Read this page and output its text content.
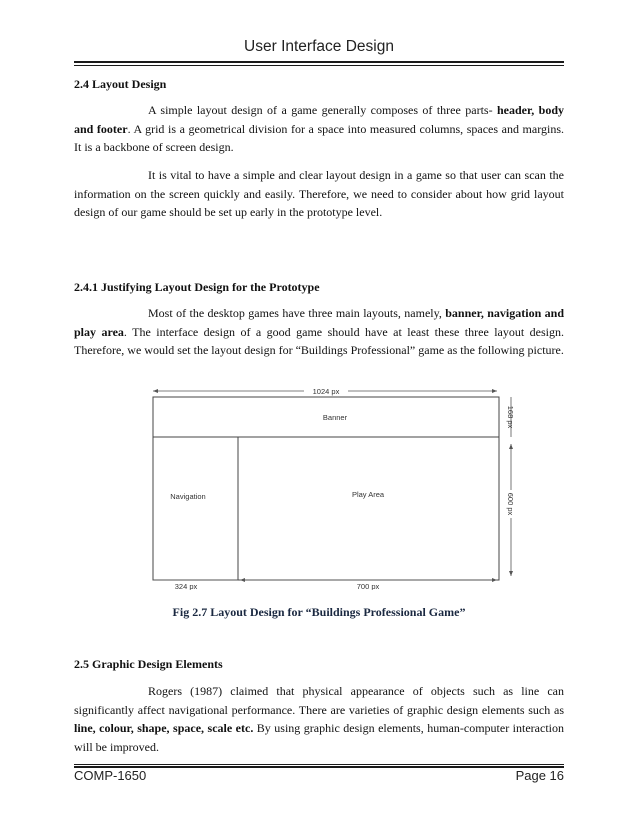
User Interface Design
2.4 Layout Design

A simple layout design of a game generally composes of three parts- header, body and footer. A grid is a geometrical division for a space into measured columns, spaces and margins. It is a backbone of screen design.

It is vital to have a simple and clear layout design in a game so that user can scan the information on the screen quickly and easily. Therefore, we need to consider about how grid layout design of our game should be set up early in the prototype level.

2.4.1 Justifying Layout Design for the Prototype

Most of the desktop games have three main layouts, namely, banner, navigation and play area. The interface design of a good game should have at least these three layout design. Therefore, we would set the layout design for “Buildings Professional” game as the following picture.

1024 px
Banner
Navigation	Play Area
168 px
600 px
324 px	700 px
Fig 2.7 Layout Design for “Buildings Professional Game”
2.5 Graphic Design Elements

Rogers (1987) claimed that physical appearance of objects such as line can significantly affect navigational performance. There are varieties of graphic design elements such as line, colour, shape, space, scale etc. By using graphic design elements, human-computer interaction will be improved.

COMP-1650	Page 16
